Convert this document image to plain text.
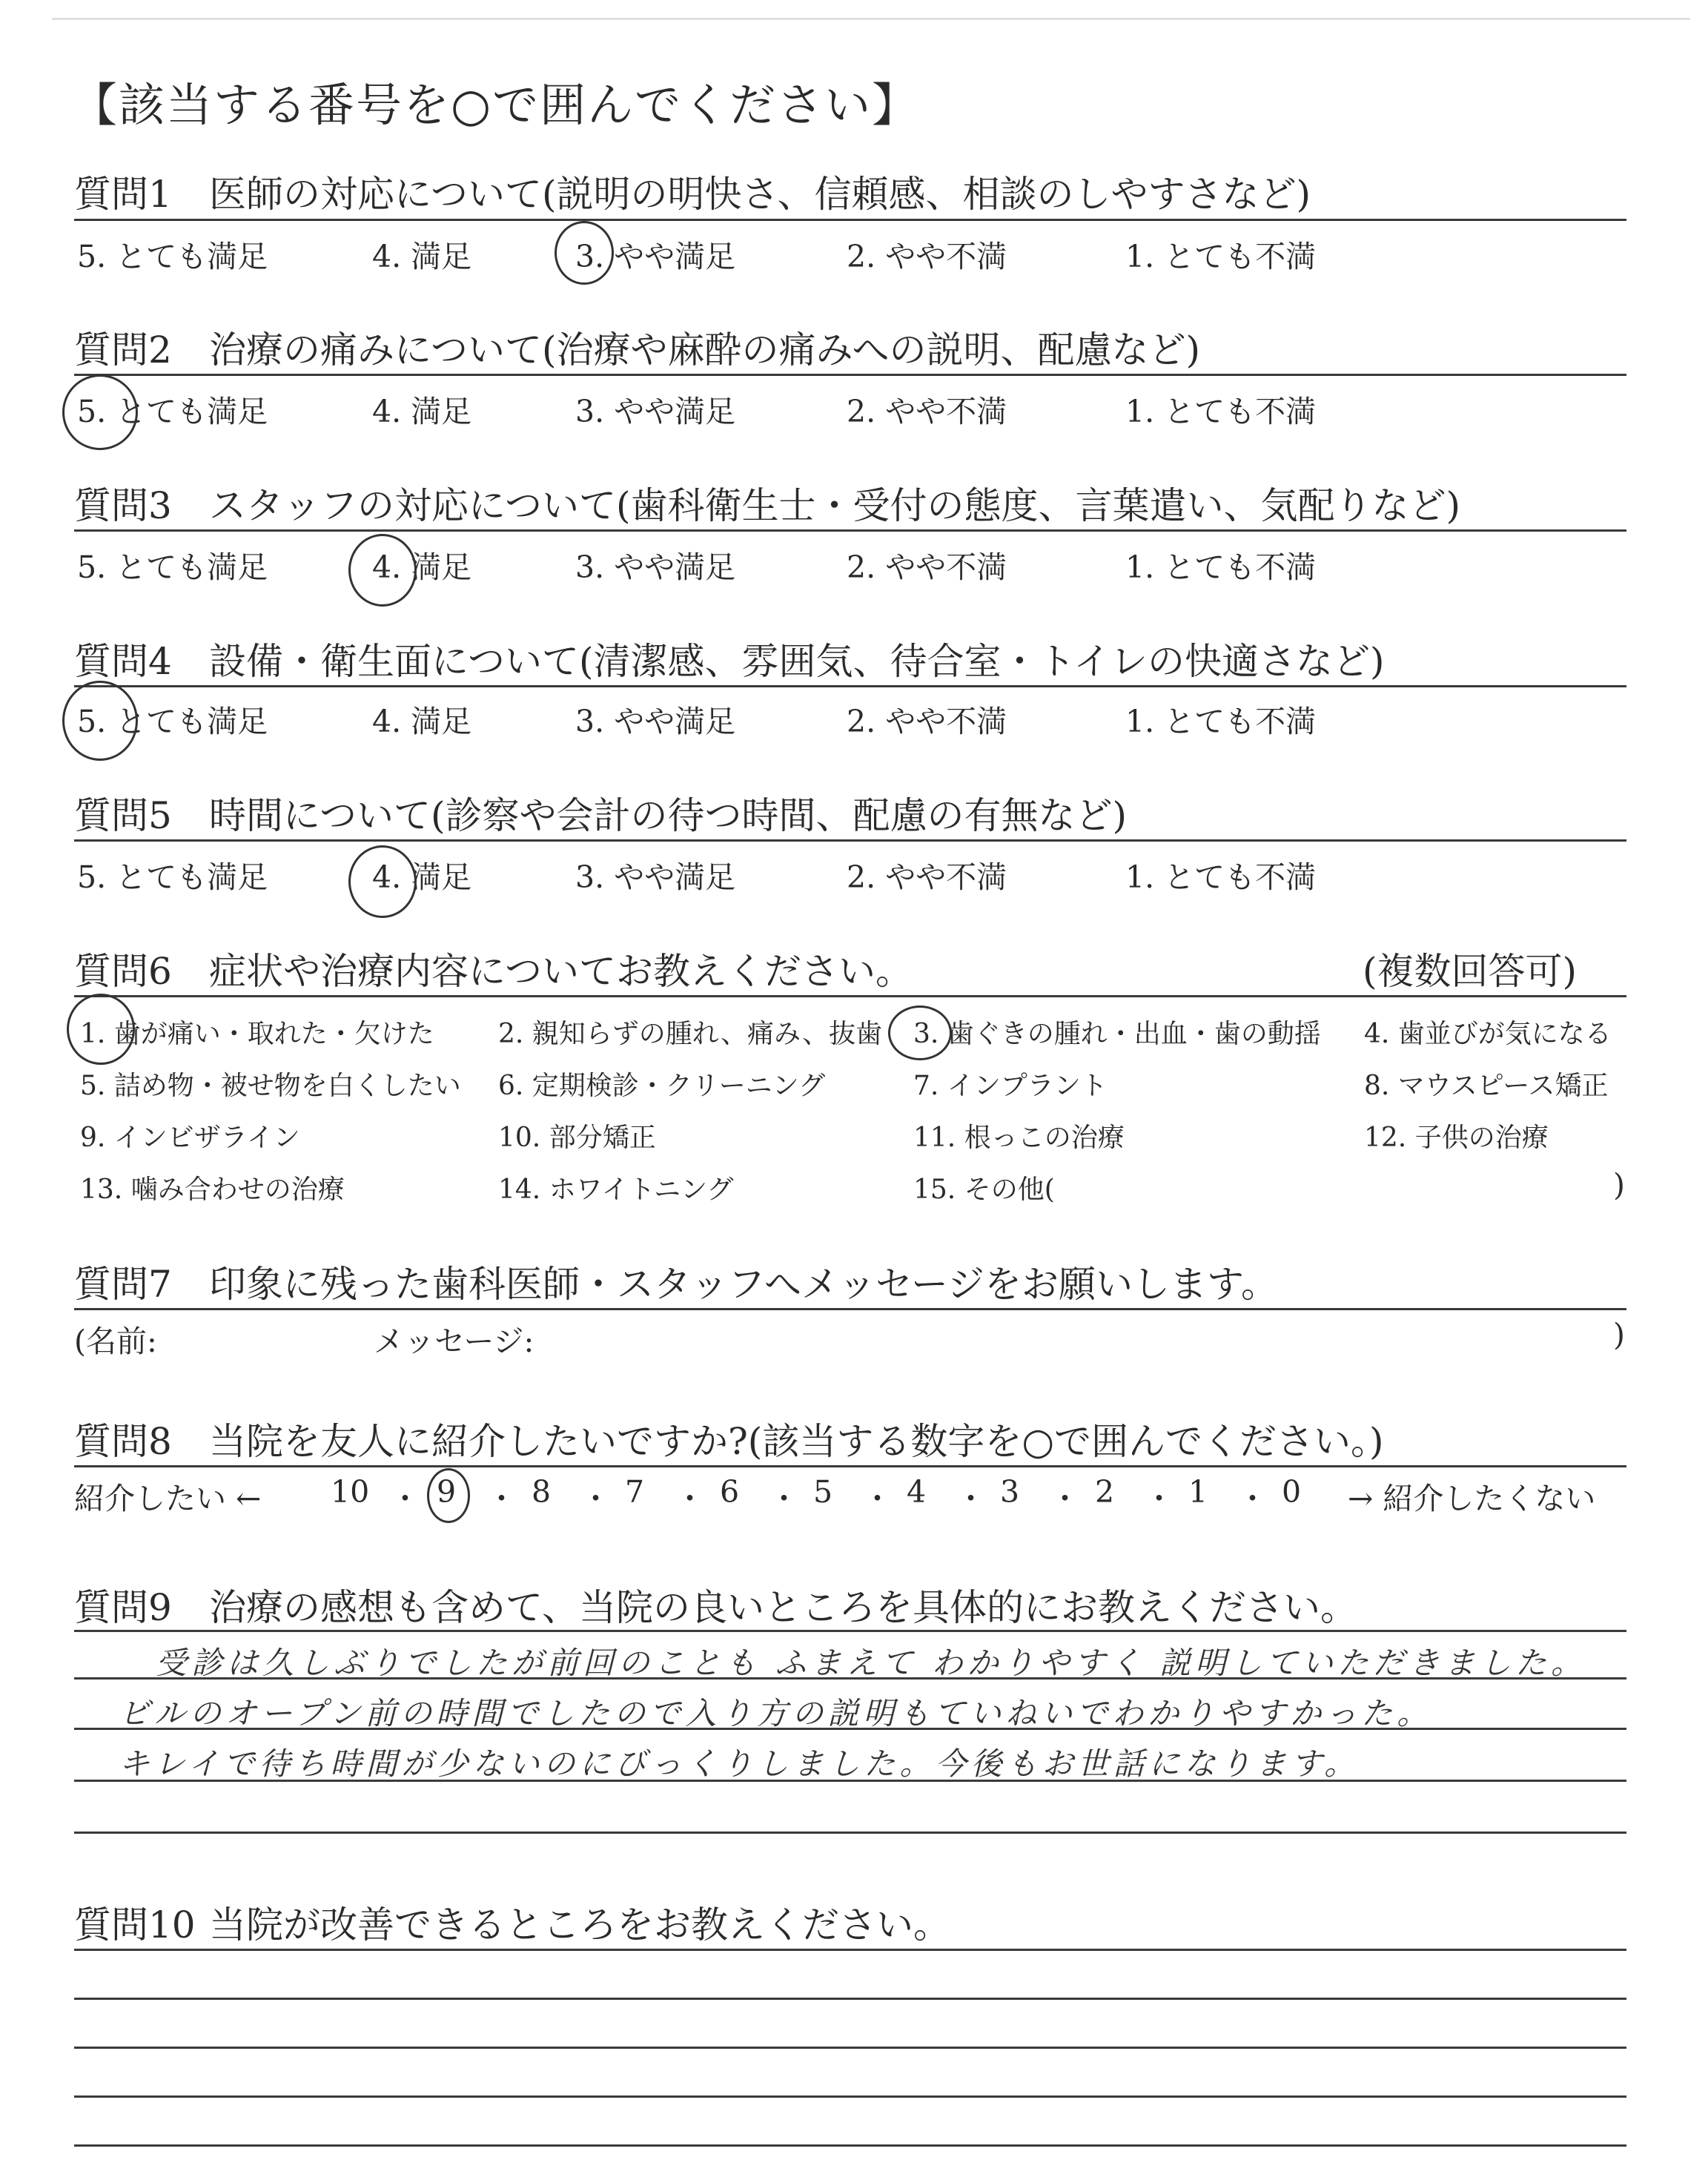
【該当する番号を○で囲んでください】
質問1 医師の対応について(説明の明快さ、信頼感、相談のしやすさなど)
5. とても満足	4. 満足	3. やや満足	2. やや不満	1. とても不満
質問2 治療の痛みについて(治療や麻酔の痛みへの説明、配慮など)
5. とても満足	4. 満足	3. やや満足	2. やや不満	1. とても不満
質問3 スタッフの対応について(歯科衛生士・受付の態度、言葉遣い、気配りなど)
5. とても満足	4. 満足	3. やや満足	2. やや不満	1. とても不満
質問4 設備・衛生面について(清潔感、雰囲気、待合室・トイレの快適さなど)
5. とても満足	4. 満足	3. やや満足	2. やや不満	1. とても不満
質問5 時間について(診察や会計の待つ時間、配慮の有無など)
5. とても満足	4. 満足	3. やや満足	2. やや不満	1. とても不満
質問6 症状や治療内容についてお教えください。	(複数回答可)
1. 歯が痛い・取れた・欠けた 2. 親知らずの腫れ、痛み、抜歯 3. 歯ぐきの腫れ・出血・歯の動揺 4. 歯並びが気になる
5. 詰め物・被せ物を白くしたい 6. 定期検診・クリーニング	7. インプラント	8. マウスピース矯正
9. インビザライン	10. 部分矯正	11. 根っこの治療	12. 子供の治療
13. 噛み合わせの治療	14. ホワイトニング	15. その他(	)
質問7 印象に残った歯科医師・スタッフへメッセージをお願いします。
(名前:	メッセージ:	)
質問8 当院を友人に紹介したいですか?(該当する数字を○で囲んでください。)
紹介したい ←	→ 紹介したくない
10 ・ 9 ・ 8 ・ 7 ・ 6 ・ 5 ・ 4 ・ 3 ・ 2 ・ 1 ・ 0
質問9 治療の感想も含めて、当院の良いところを具体的にお教えください。
受診は久しぶりでしたが前回のことも ふまえて わかりやすく 説明していただきました。
ビルのオープン前の時間でしたので入り方の説明もていねいでわかりやすかった。
キレイで待ち時間が少ないのにびっくりしました。今後もお世話になります。
質問10 当院が改善できるところをお教えください。
